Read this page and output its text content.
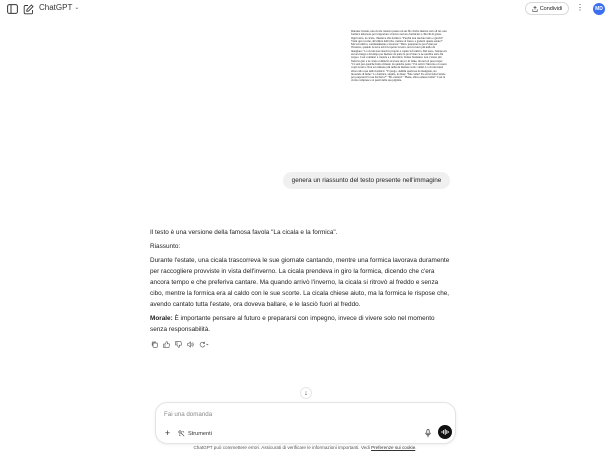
ChatGPT ⌄	Condividi ⋮	MD

Durante l'estate, una cicala cantava presso un un filo d'erba mentre sotto di lei, una formica laboriosa per trasportare al sicuro nel suo formicaio i chicchi di grano. Ogni tanto, la cicala, chiedeva alla formica: "Perché non lasciate tutto e giochi? Vieni qui con me, all'ombra dell'erba, cantare al fresco e godersi questa estate!" Ma la formica, continuamente a lavorare: "Devo preparare le provviste per l'inverno, quando la neve avrà ricoperto la terra, non troverò più nulla da mangiare." La cicala non riusciva proprio a capire la formica. Del resto, l'estate era ancora lunga e di tempo per mettere da parte le provviste ce ne sarebbe stato fin troppo. Così continuò a cantare e a divertirsi. Venne l'autunno: non c'erano più frutti in giro e la cicala cominciò ad avere un po' di fame, ma non si preoccupò: "Ci sarà pur qualche frutto rimasto da qualche parte." Poi arrivò l'inverno e la neve coprì la terra. Non era rimasto più nulla da mettere sotto i denti. La cicala bussò allora alla casa della formica: "Ti prego, dammi qualcosa da mangiare, sto morendo di fame." La formica, stupita, le disse: "Ma come? Tu avevi tutta l'estate per prepararti! Cosa hai fatto?" "Ho cantato!" "Bene, allora adesso balla!" Così la cicala comprese e si pentì della sua pigrizia.

genera un riassunto del testo presente nell'immagine
Il testo è una versione della famosa favola "La cicala e la formica".
Riassunto:
Durante l'estate, una cicala trascorreva le sue giornate cantando, mentre una formica lavorava duramente per raccogliere provviste in vista dell'inverno. La cicala prendeva in giro la formica, dicendo che c'era ancora tempo e che preferiva cantare. Ma quando arrivò l'inverno, la cicala si ritrovò al freddo e senza cibo, mentre la formica era al caldo con le sue scorte. La cicala chiese aiuto, ma la formica le rispose che, avendo cantato tutta l'estate, ora doveva ballare, e le lasciò fuori al freddo.
Morale: È importante pensare al futuro e prepararsi con impegno, invece di vivere solo nel momento senza responsabilità.
↓
Fai una domanda
+	Strumenti
ChatGPT può commettere errori. Assicurati di verificare le informazioni importanti. Vedi Preferenze sui cookie.
